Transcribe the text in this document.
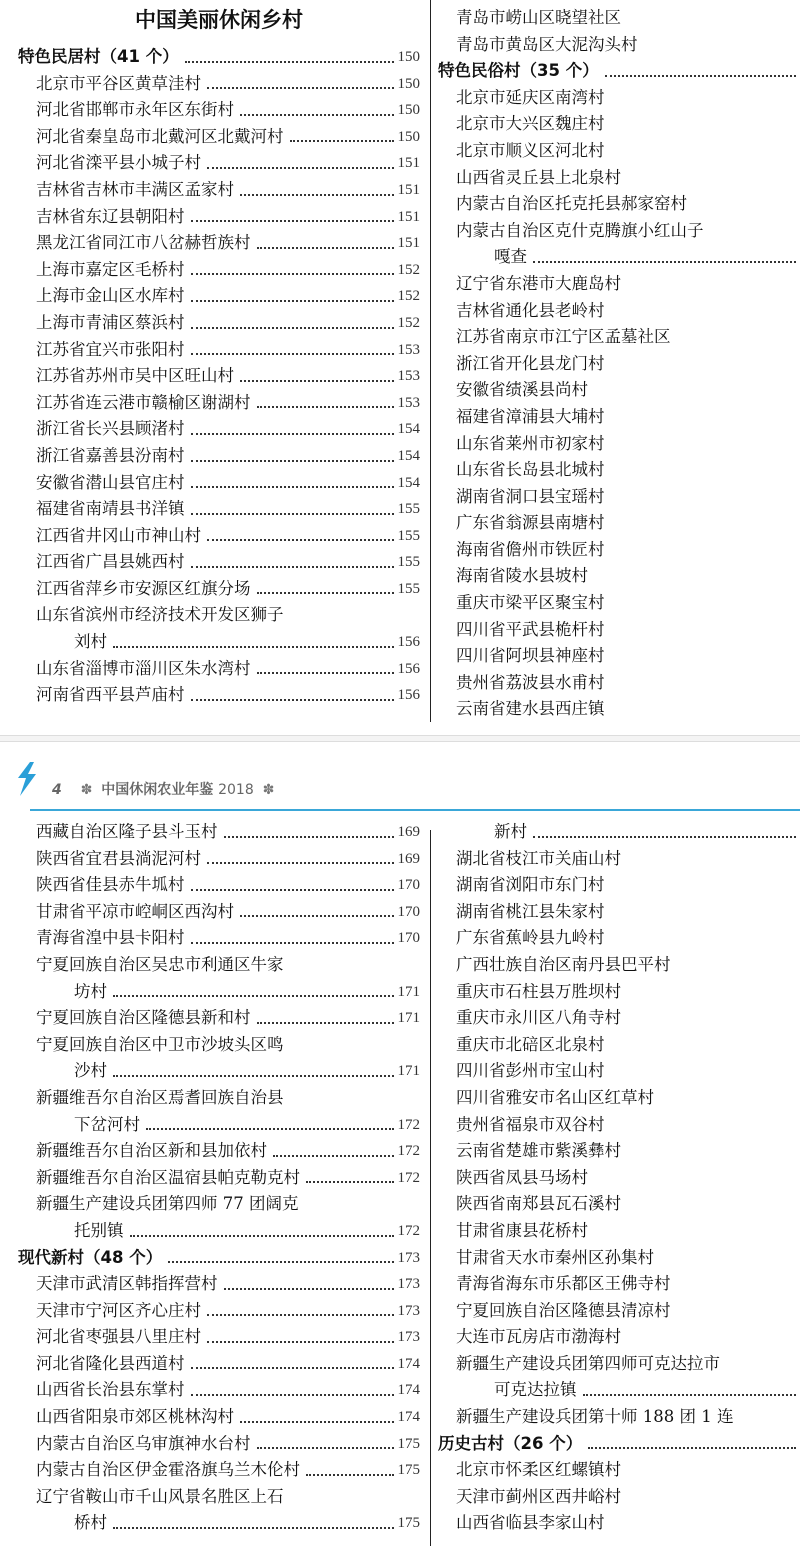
中国美丽休闲乡村
特色民居村（41 个）	150
北京市平谷区黄草洼村	150
河北省邯郸市永年区东街村	150
河北省秦皇岛市北戴河区北戴河村	150
河北省滦平县小城子村	151
吉林省吉林市丰满区孟家村	151
吉林省东辽县朝阳村	151
黑龙江省同江市八岔赫哲族村	151
上海市嘉定区毛桥村	152
上海市金山区水库村	152
上海市青浦区蔡浜村	152
江苏省宜兴市张阳村	153
江苏省苏州市吴中区旺山村	153
江苏省连云港市赣榆区谢湖村	153
浙江省长兴县顾渚村	154
浙江省嘉善县汾南村	154
安徽省潜山县官庄村	154
福建省南靖县书洋镇	155
江西省井冈山市神山村	155
江西省广昌县姚西村	155
江西省萍乡市安源区红旗分场	155
山东省滨州市经济技术开发区狮子
刘村	156
山东省淄博市淄川区朱水湾村	156
河南省西平县芦庙村	156
青岛市崂山区晓望社区
青岛市黄岛区大泥沟头村
特色民俗村（35 个）
北京市延庆区南湾村
北京市大兴区魏庄村
北京市顺义区河北村
山西省灵丘县上北泉村
内蒙古自治区托克托县郝家窑村
内蒙古自治区克什克腾旗小红山子
嘎查
辽宁省东港市大鹿岛村
吉林省通化县老岭村
江苏省南京市江宁区孟墓社区
浙江省开化县龙门村
安徽省绩溪县尚村
福建省漳浦县大埔村
山东省莱州市初家村
山东省长岛县北城村
湖南省洞口县宝瑶村
广东省翁源县南塘村
海南省儋州市铁匠村
海南省陵水县坡村
重庆市梁平区聚宝村
四川省平武县桅杆村
四川省阿坝县神座村
贵州省荔波县水甫村
云南省建水县西庄镇
4 ✽ 中国休闲农业年鉴 2018 ✽
西藏自治区隆子县斗玉村	169
陕西省宜君县淌泥河村	169
陕西省佳县赤牛坬村	170
甘肃省平凉市崆峒区西沟村	170
青海省湟中县卡阳村	170
宁夏回族自治区吴忠市利通区牛家
坊村	171
宁夏回族自治区隆德县新和村	171
宁夏回族自治区中卫市沙坡头区鸣
沙村	171
新疆维吾尔自治区焉耆回族自治县
下岔河村	172
新疆维吾尔自治区新和县加依村	172
新疆维吾尔自治区温宿县帕克勒克村	172
新疆生产建设兵团第四师 77 团阔克
托别镇	172
现代新村（48 个）	173
天津市武清区韩指挥营村	173
天津市宁河区齐心庄村	173
河北省枣强县八里庄村	173
河北省隆化县西道村	174
山西省长治县东掌村	174
山西省阳泉市郊区桃林沟村	174
内蒙古自治区乌审旗神水台村	175
内蒙古自治区伊金霍洛旗乌兰木伦村	175
辽宁省鞍山市千山风景名胜区上石
桥村	175
新村
湖北省枝江市关庙山村
湖南省浏阳市东门村
湖南省桃江县朱家村
广东省蕉岭县九岭村
广西壮族自治区南丹县巴平村
重庆市石柱县万胜坝村
重庆市永川区八角寺村
重庆市北碚区北泉村
四川省彭州市宝山村
四川省雅安市名山区红草村
贵州省福泉市双谷村
云南省楚雄市紫溪彝村
陕西省凤县马场村
陕西省南郑县瓦石溪村
甘肃省康县花桥村
甘肃省天水市秦州区孙集村
青海省海东市乐都区王佛寺村
宁夏回族自治区隆德县清凉村
大连市瓦房店市渤海村
新疆生产建设兵团第四师可克达拉市
可克达拉镇
新疆生产建设兵团第十师 188 团 1 连
历史古村（26 个）
北京市怀柔区红螺镇村
天津市蓟州区西井峪村
山西省临县李家山村
